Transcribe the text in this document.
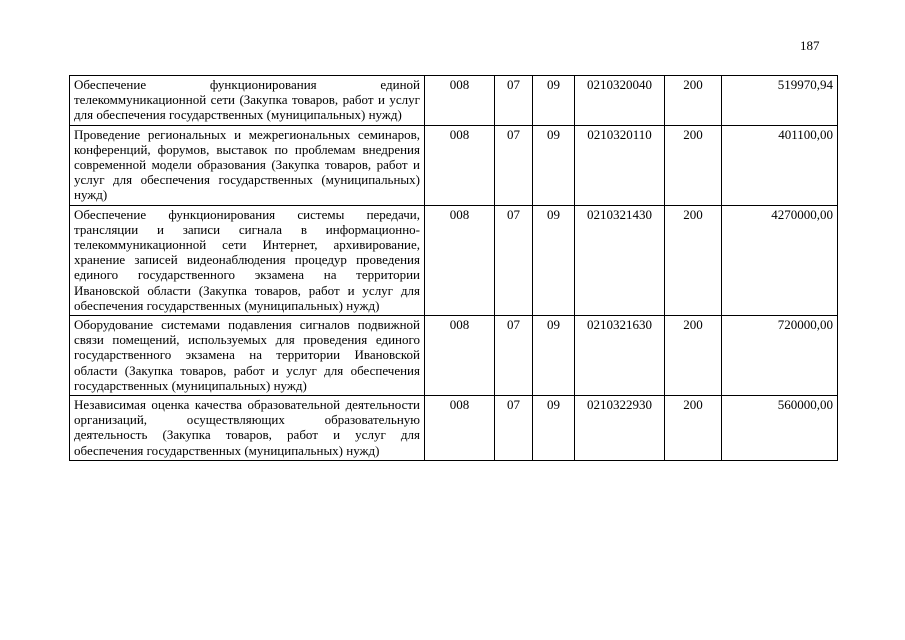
187
Обеспечение функционирования единой телекоммуникационной сети (Закупка товаров, работ и услуг для обеспечения государственных (муниципальных) нужд)	008	07	09	0210320040	200	519970,94
Проведение региональных и межрегиональных семинаров, конференций, форумов, выставок по проблемам внедрения современной модели образования (Закупка товаров, работ и услуг для обеспечения государственных (муниципальных) нужд)	008	07	09	0210320110	200	401100,00
Обеспечение функционирования системы передачи, трансляции и записи сигнала в информационно-телекоммуникационной сети Интернет, архивирование, хранение записей видеонаблюдения процедур проведения единого государственного экзамена на территории Ивановской области (Закупка товаров, работ и услуг для обеспечения государственных (муниципальных) нужд)	008	07	09	0210321430	200	4270000,00
Оборудование системами подавления сигналов подвижной связи помещений, используемых для проведения единого государственного экзамена на территории Ивановской области (Закупка товаров, работ и услуг для обеспечения государственных (муниципальных) нужд)	008	07	09	0210321630	200	720000,00
Независимая оценка качества образовательной деятельности организаций, осуществляющих образовательную деятельность (Закупка товаров, работ и услуг для обеспечения государственных (муниципальных) нужд)	008	07	09	0210322930	200	560000,00
